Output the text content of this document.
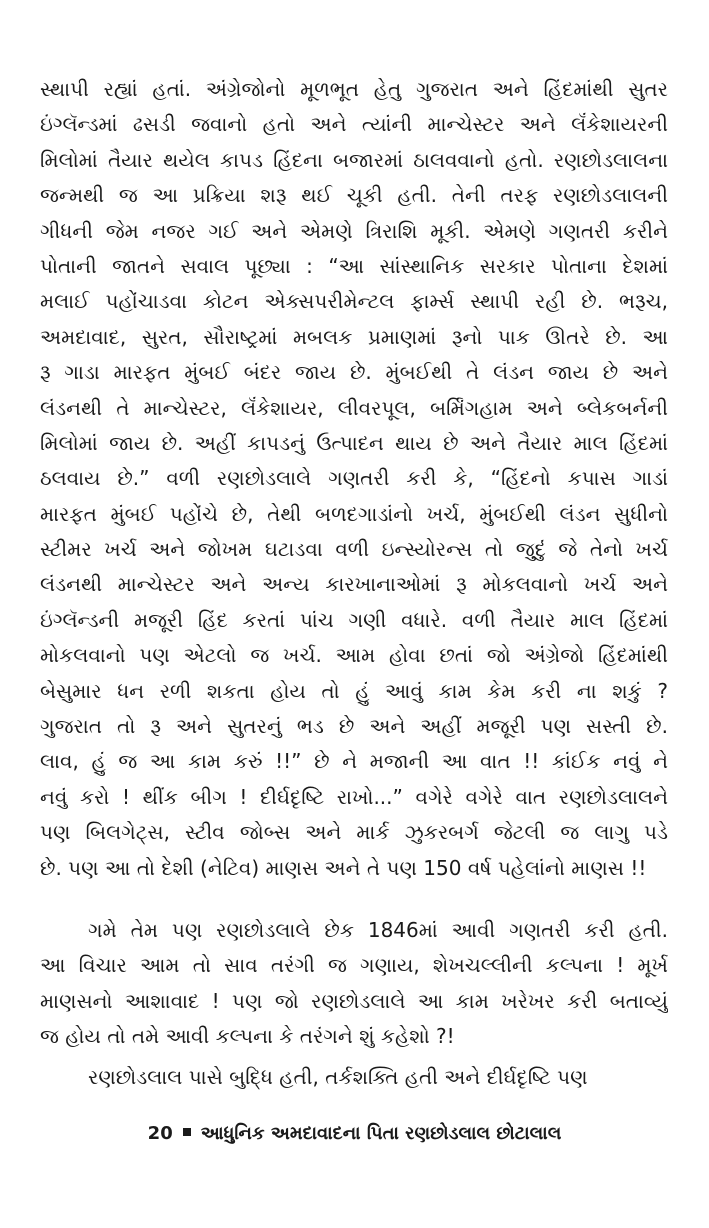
સ્થાપી રહ્યાં હતાં. અંગ્રેજોનો મૂળભૂત હેતુ ગુજરાત અને હિંદમાંથી સુતર
ઇંગ્લૅન્ડમાં ઢસડી જવાનો હતો અને ત્યાંની માન્ચેસ્ટર અને લૅંકેશાયરની
મિલોમાં તૈયાર થયેલ કાપડ હિંદના બજારમાં ઠાલવવાનો હતો. રણછોડલાલના
જન્મથી જ આ પ્રક્રિયા શરૂ થઈ ચૂકી હતી. તેની તરફ રણછોડલાલની
ગીધની જેમ નજર ગઈ અને એમણે ત્રિરાશિ મૂકી. એમણે ગણતરી કરીને
પોતાની જાતને સવાલ પૂછ્યા : “આ સાંસ્થાનિક સરકાર પોતાના દેશમાં
મલાઈ પહોંચાડવા કોટન એક્સપરીમેન્ટલ ફાર્મ્સ સ્થાપી રહી છે. ભરૂચ,
અમદાવાદ, સુરત, સૌરાષ્ટ્રમાં મબલક પ્રમાણમાં રૂનો પાક ઊતરે છે. આ
રૂ ગાડા મારફત મુંબઈ બંદર જાય છે. મુંબઈથી તે લંડન જાય છે અને
લંડનથી તે માન્ચેસ્ટર, લૅંકેશાયર, લીવરપૂલ, બર્મિંગહામ અને બ્લેકબર્નની
મિલોમાં જાય છે. અહીં કાપડનું ઉત્પાદન થાય છે અને તૈયાર માલ હિંદમાં
ઠલવાય છે.” વળી રણછોડલાલે ગણતરી કરી કે, “હિંદનો કપાસ ગાડાં
મારફત મુંબઈ પહોંચે છે, તેથી બળદગાડાંનો ખર્ચ, મુંબઈથી લંડન સુધીનો
સ્ટીમર ખર્ચ અને જોખમ ઘટાડવા વળી ઇન્સ્યોરન્સ તો જુદું જે તેનો ખર્ચ
લંડનથી માન્ચેસ્ટર અને અન્ય કારખાનાઓમાં રૂ મોકલવાનો ખર્ચ અને
ઇંગ્લૅન્ડની મજૂરી હિંદ કરતાં પાંચ ગણી વધારે. વળી તૈયાર માલ હિંદમાં
મોકલવાનો પણ એટલો જ ખર્ચ. આમ હોવા છતાં જો અંગ્રેજો હિંદમાંથી
બેસુમાર ધન રળી શકતા હોય તો હું આવું કામ કેમ કરી ના શકું ?
ગુજરાત તો રૂ અને સુતરનું ભડ છે અને અહીં મજૂરી પણ સસ્તી છે.
લાવ, હું જ આ કામ કરું !!” છે ને મજાની આ વાત !! કાંઈક નવું ને
નવું કરો ! થીંક બીગ ! દીર્ઘદૃષ્ટિ રાખો...” વગેરે વગેરે વાત રણછોડલાલને
પણ બિલગેટ્સ, સ્ટીવ જોબ્સ અને માર્ક ઝુકરબર્ગ જેટલી જ લાગુ પડે
છે. પણ આ તો દેશી (નેટિવ) માણસ અને તે પણ 150 વર્ષ પહેલાંનો માણસ !!
ગમે તેમ પણ રણછોડલાલે છેક 1846માં આવી ગણતરી કરી હતી.
આ વિચાર આમ તો સાવ તરંગી જ ગણાય, શેખચલ્લીની કલ્પના ! મૂર્ખ
માણસનો આશાવાદ ! પણ જો રણછોડલાલે આ કામ ખરેખર કરી બતાવ્યું
જ હોય તો તમે આવી કલ્પના કે તરંગને શું કહેશો ?!
રણછોડલાલ પાસે બુદ્ધિ હતી, તર્કશક્તિ હતી અને દીર્ઘદૃષ્ટિ પણ
20 આધુનિક અમદાવાદના પિતા રણછોડલાલ છોટાલાલ
